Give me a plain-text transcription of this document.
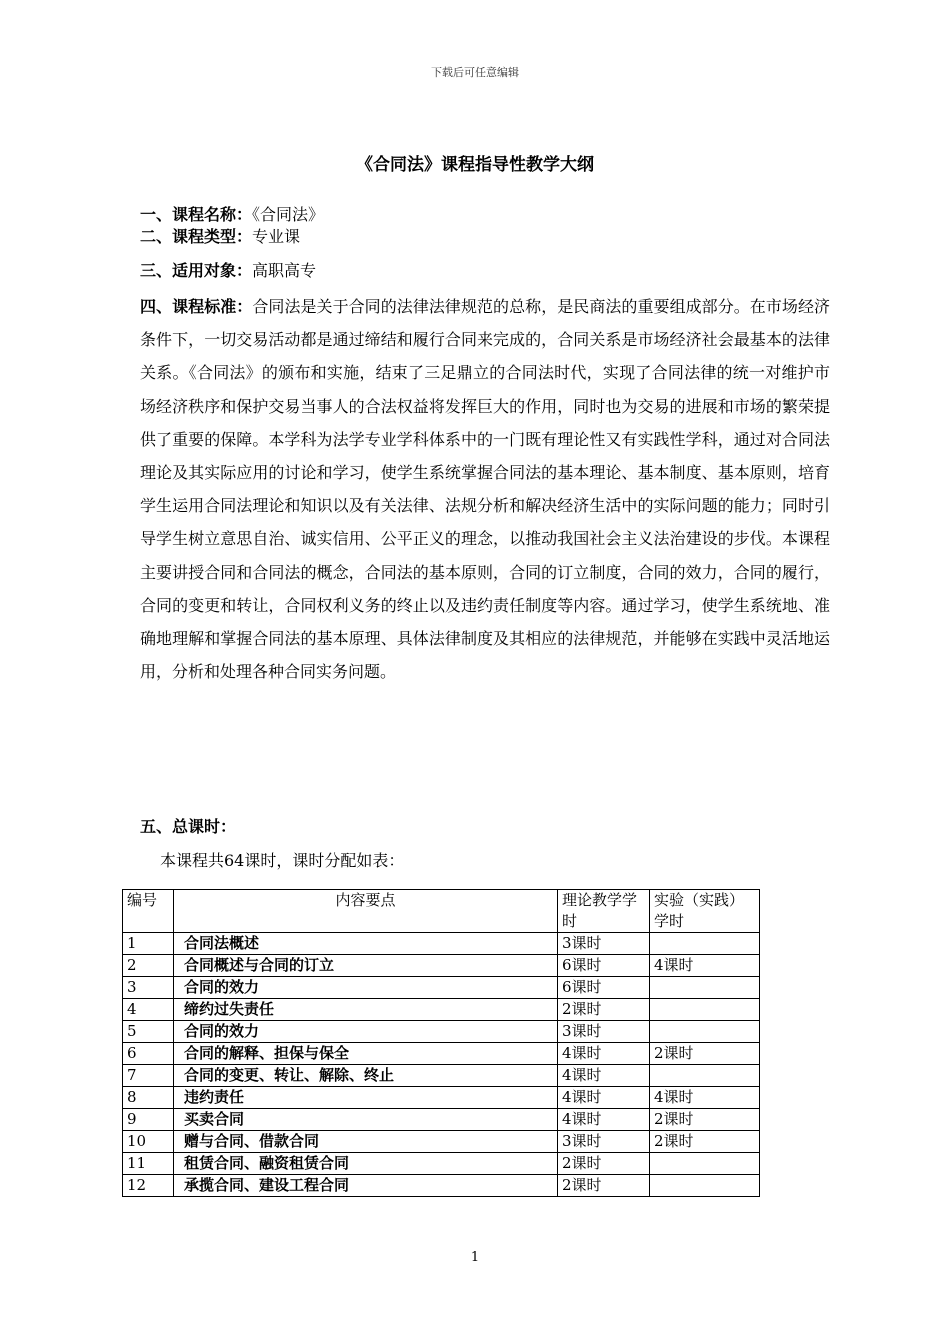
下载后可任意编辑
《合同法》课程指导性教学大纲
一、课程名称：《合同法》
二、课程类型：专业课
三、适用对象：高职高专
四、课程标准：合同法是关于合同的法律法律规范的总称，是民商法的重要组成部分。在市场经济条件下，一切交易活动都是通过缔结和履行合同来完成的，合同关系是市场经济社会最基本的法律关系。《合同法》的颁布和实施，结束了三足鼎立的合同法时代，实现了合同法律的统一对维护市场经济秩序和保护交易当事人的合法权益将发挥巨大的作用，同时也为交易的进展和市场的繁荣提供了重要的保障。本学科为法学专业学科体系中的一门既有理论性又有实践性学科，通过对合同法理论及其实际应用的讨论和学习，使学生系统掌握合同法的基本理论、基本制度、基本原则，培育学生运用合同法理论和知识以及有关法律、法规分析和解决经济生活中的实际问题的能力；同时引导学生树立意思自治、诚实信用、公平正义的理念，以推动我国社会主义法治建设的步伐。本课程主要讲授合同和合同法的概念，合同法的基本原则，合同的订立制度，合同的效力，合同的履行，合同的变更和转让，合同权利义务的终止以及违约责任制度等内容。通过学习，使学生系统地、准确地理解和掌握合同法的基本原理、具体法律制度及其相应的法律规范，并能够在实践中灵活地运用，分析和处理各种合同实务问题。
五、总课时：
本课程共64课时，课时分配如表：
编号	内容要点	理论教学学时	实验（实践）学时
1	合同法概述	3课时	
2	合同概述与合同的订立	6课时	4课时
3	合同的效力	6课时	
4	缔约过失责任	2课时	
5	合同的效力	3课时	
6	合同的解释、担保与保全	4课时	2课时
7	合同的变更、转让、解除、终止	4课时	
8	违约责任	4课时	4课时
9	买卖合同	4课时	2课时
10	赠与合同、借款合同	3课时	2课时
11	租赁合同、融资租赁合同	2课时	
12	承揽合同、建设工程合同	2课时	
1
